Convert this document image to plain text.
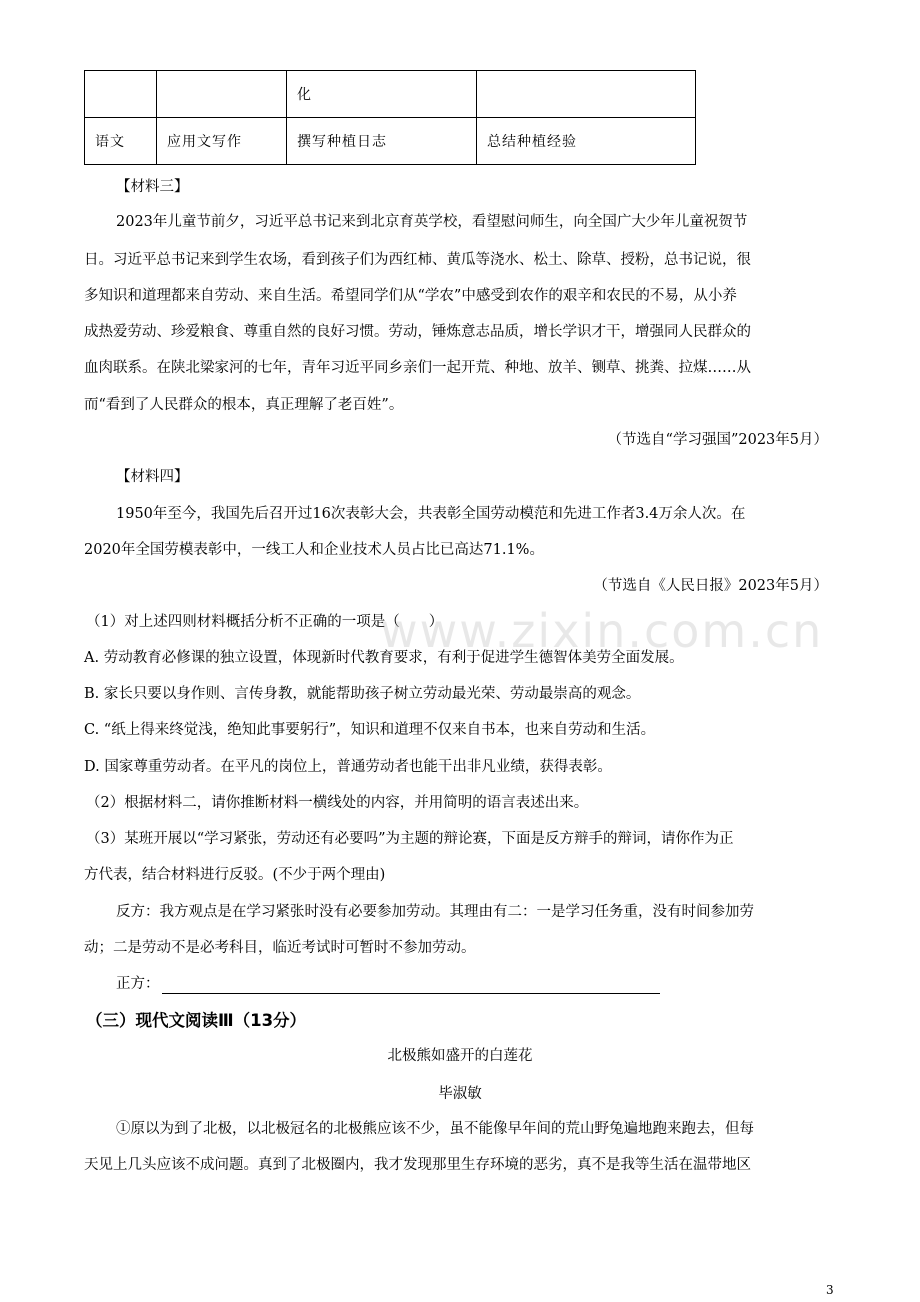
		化	
语文	应用文写作	撰写种植日志	总结种植经验
【材料三】
2023年儿童节前夕，习近平总书记来到北京育英学校，看望慰问师生，向全国广大少年儿童祝贺节
日。习近平总书记来到学生农场，看到孩子们为西红柿、黄瓜等浇水、松土、除草、授粉，总书记说，很
多知识和道理都来自劳动、来自生活。希望同学们从“学农”中感受到农作的艰辛和农民的不易，从小养
成热爱劳动、珍爱粮食、尊重自然的良好习惯。劳动，锤炼意志品质，增长学识才干，增强同人民群众的
血肉联系。在陕北梁家河的七年，青年习近平同乡亲们一起开荒、种地、放羊、铡草、挑粪、拉煤……从
而“看到了人民群众的根本，真正理解了老百姓”。
（节选自“学习强国”2023年5月）
【材料四】
1950年至今，我国先后召开过16次表彰大会，共表彰全国劳动模范和先进工作者3.4万余人次。在
2020年全国劳模表彰中，一线工人和企业技术人员占比已高达71.1%。
（节选自《人民日报》2023年5月）
（1）对上述四则材料概括分析不正确的一项是（　　）
A. 劳动教育必修课的独立设置，体现新时代教育要求，有利于促进学生德智体美劳全面发展。
B. 家长只要以身作则、言传身教，就能帮助孩子树立劳动最光荣、劳动最崇高的观念。
C. “纸上得来终觉浅，绝知此事要躬行”，知识和道理不仅来自书本，也来自劳动和生活。
D. 国家尊重劳动者。在平凡的岗位上，普通劳动者也能干出非凡业绩，获得表彰。
（2）根据材料二，请你推断材料一横线处的内容，并用简明的语言表述出来。
（3）某班开展以“学习紧张，劳动还有必要吗”为主题的辩论赛，下面是反方辩手的辩词，请你作为正
方代表，结合材料进行反驳。(不少于两个理由)
反方：我方观点是在学习紧张时没有必要参加劳动。其理由有二：一是学习任务重，没有时间参加劳
动；二是劳动不是必考科目，临近考试时可暂时不参加劳动。
正方：
（三）现代文阅读Ⅲ（13分）
北极熊如盛开的白莲花
毕淑敏
①原以为到了北极，以北极冠名的北极熊应该不少，虽不能像早年间的荒山野兔遍地跑来跑去，但每
天见上几头应该不成问题。真到了北极圈内，我才发现那里生存环境的恶劣，真不是我等生活在温带地区
www.zixin.com.cn
3
